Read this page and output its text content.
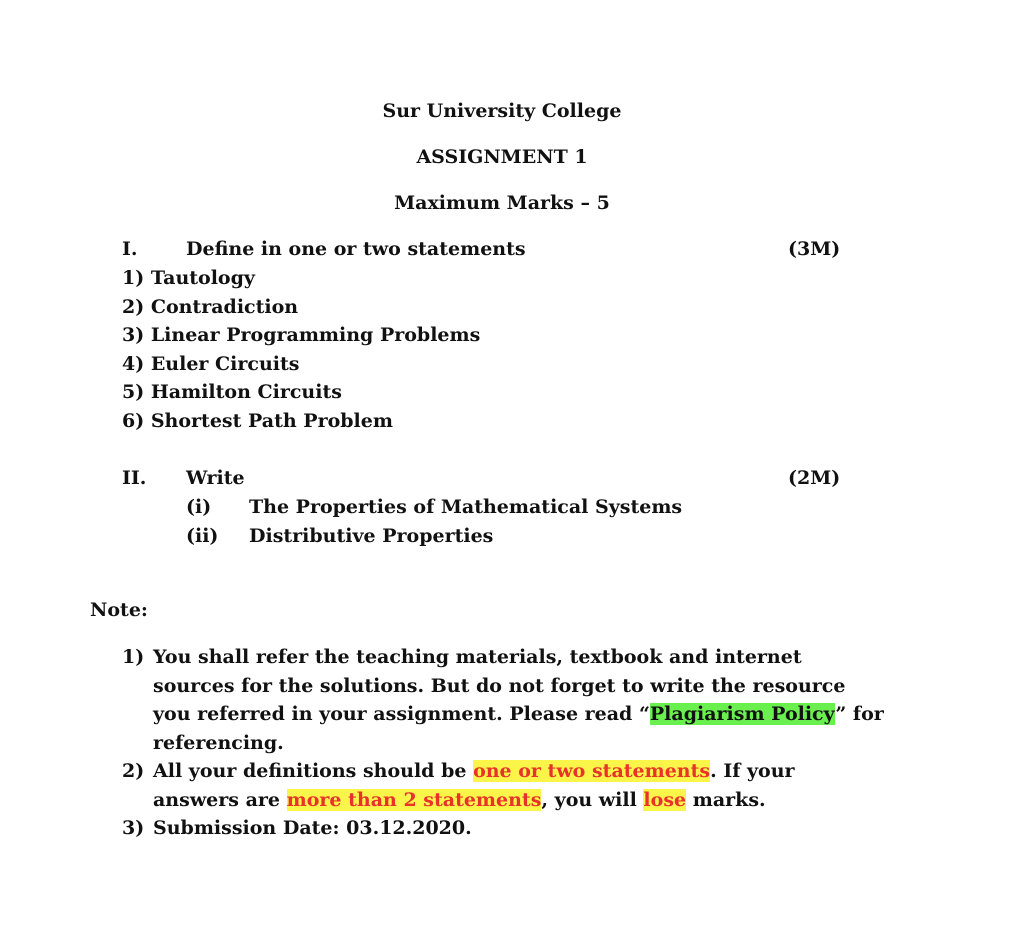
Sur University College
ASSIGNMENT 1
Maximum Marks – 5
I.	Define in one or two statements	(3M)
1) Tautology
2) Contradiction
3) Linear Programming Problems
4) Euler Circuits
5) Hamilton Circuits
6) Shortest Path Problem
II. Write	(2M)
(i) The Properties of Mathematical Systems
(ii) Distributive Properties
Note:
1) You shall refer the teaching materials, textbook and internet
sources for the solutions. But do not forget to write the resource
you referred in your assignment. Please read “Plagiarism Policy” for
referencing.
2) All your definitions should be one or two statements. If your
answers are more than 2 statements, you will lose marks.
3) Submission Date: 03.12.2020.
